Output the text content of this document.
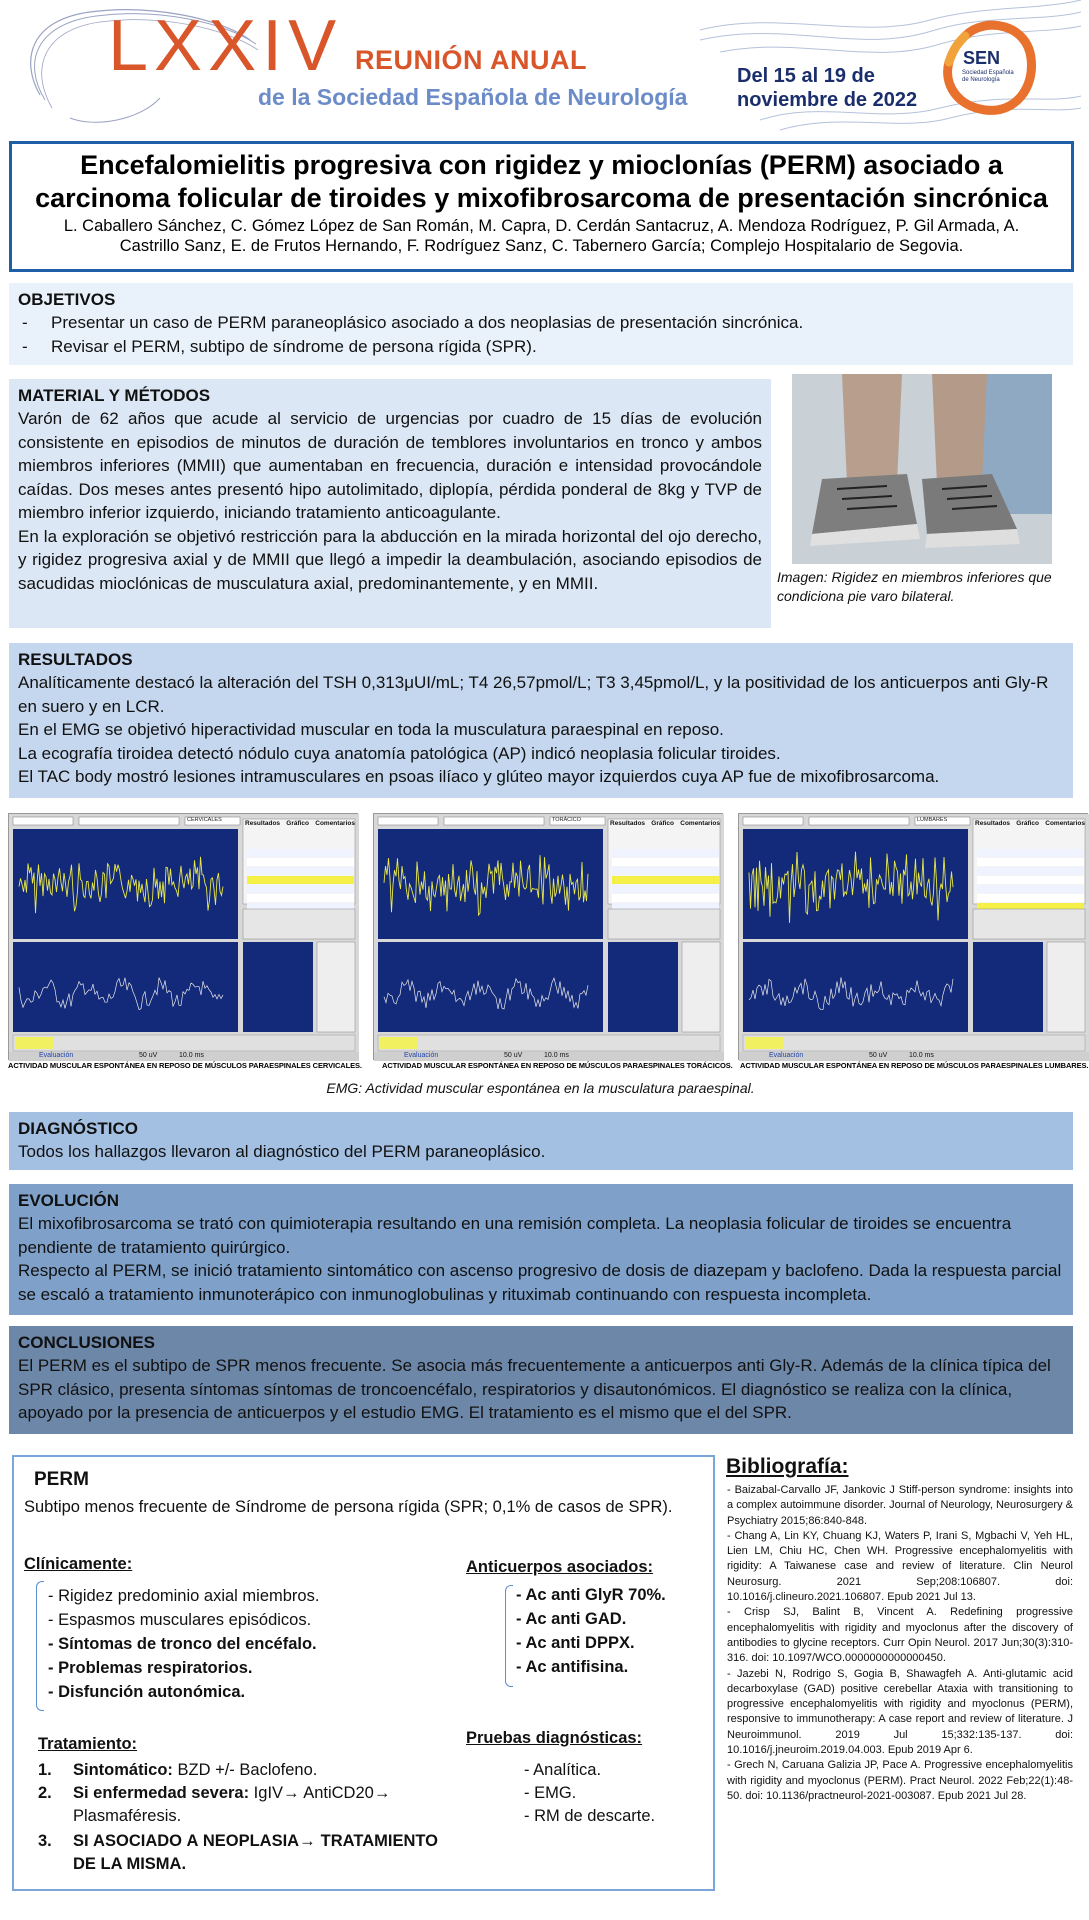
LXXIV REUNIÓN ANUAL
de la Sociedad Española de Neurología
Del 15 al 19 de
noviembre de 2022
SEN
Sociedad Española
de Neurología
Encefalomielitis progresiva con rigidez y mioclonías (PERM) asociado a
carcinoma folicular de tiroides y mixofibrosarcoma de presentación sincrónica
L. Caballero Sánchez, C. Gómez López de San Román, M. Capra, D. Cerdán Santacruz, A. Mendoza Rodríguez, P. Gil Armada, A.
Castrillo Sanz, E. de Frutos Hernando, F. Rodríguez Sanz, C. Tabernero García; Complejo Hospitalario de Segovia.
OBJETIVOS
- Presentar un caso de PERM paraneoplásico asociado a dos neoplasias de presentación sincrónica.
- Revisar el PERM, subtipo de síndrome de persona rígida (SPR).
MATERIAL Y MÉTODOS

Varón de 62 años que acude al servicio de urgencias por cuadro de 15 días de evolución consistente en episodios de minutos de duración de temblores involuntarios en tronco y ambos miembros inferiores (MMII) que aumentaban en frecuencia, duración e intensidad provocándole caídas. Dos meses antes presentó hipo autolimitado, diplopía, pérdida ponderal de 8kg y TVP de miembro inferior izquierdo, iniciando tratamiento anticoagulante.

En la exploración se objetivó restricción para la abducción en la mirada horizontal del ojo derecho, y rigidez progresiva axial y de MMII que llegó a impedir la deambulación, asociando episodios de sacudidas mioclónicas de musculatura axial, predominantemente, y en MMII.	Imagen: Rigidez en miembros inferiores que condiciona pie varo bilateral.
RESULTADOS

Analíticamente destacó la alteración del TSH 0,313μUI/mL; T4 26,57pmol/L; T3 3,45pmol/L, y la positividad de los anticuerpos anti Gly-R en suero y en LCR.

En el EMG se objetivó hiperactividad muscular en toda la musculatura paraespinal en reposo.

La ecografía tiroidea detectó nódulo cuya anatomía patológica (AP) indicó neoplasia folicular tiroides.

El TAC body mostró lesiones intramusculares en psoas ilíaco y glúteo mayor izquierdos cuya AP fue de mixofibrosarcoma.

Resultados Gráfico Comentarios
CERVICALES
Evaluación	50 uV	10.0 ms
Resultados Gráfico Comentarios
TORÁCICO
Evaluación	50 uV	10.0 ms
Resultados Gráfico Comentarios
LUMBARES
Evaluación	50 uV	10.0 ms
ACTIVIDAD MUSCULAR ESPONTÁNEA EN REPOSO DE MÚSCULOS PARAESPINALES CERVICALES.	ACTIVIDAD MUSCULAR ESPONTÁNEA EN REPOSO DE MÚSCULOS PARAESPINALES TORÁCICOS. ACTIVIDAD MUSCULAR ESPONTÁNEA EN REPOSO DE MÚSCULOS PARAESPINALES LUMBARES.
EMG: Actividad muscular espontánea en la musculatura paraespinal.
DIAGNÓSTICO

Todos los hallazgos llevaron al diagnóstico del PERM paraneoplásico.

EVOLUCIÓN

El mixofibrosarcoma se trató con quimioterapia resultando en una remisión completa. La neoplasia folicular de tiroides se encuentra pendiente de tratamiento quirúrgico.

Respecto al PERM, se inició tratamiento sintomático con ascenso progresivo de dosis de diazepam y baclofeno. Dada la respuesta parcial se escaló a tratamiento inmunoterápico con inmunoglobulinas y rituximab continuando con respuesta incompleta.

CONCLUSIONES

El PERM es el subtipo de SPR menos frecuente. Se asocia más frecuentemente a anticuerpos anti Gly-R. Además de la clínica típica del SPR clásico, presenta síntomas síntomas de troncoencéfalo, respiratorios y disautonómicos. El diagnóstico se realiza con la clínica, apoyado por la presencia de anticuerpos y el estudio EMG. El tratamiento es el mismo que el del SPR.

PERM
Subtipo menos frecuente de Síndrome de persona rígida (SPR; 0,1% de casos de SPR).
Clínicamente:
- Rigidez predominio axial miembros.
- Espasmos musculares episódicos.
- Síntomas de tronco del encéfalo.
- Problemas respiratorios.
- Disfunción autonómica.
Tratamiento:
1.	Sintomático: BZD +/- Baclofeno.
2.	Si enfermedad severa: IgIV→ AntiCD20→ Plasmaféresis.
3.	SI ASOCIADO A NEOPLASIA→ TRATAMIENTO DE LA MISMA.
Anticuerpos asociados:
- Ac anti GlyR 70%.
- Ac anti GAD.
- Ac anti DPPX.
- Ac antifisina.
Pruebas diagnósticas:
- Analítica.
- EMG.
- RM de descarte.
Bibliografía:
- Baizabal-Carvallo JF, Jankovic J Stiff-person syndrome: insights into a complex autoimmune disorder. Journal of Neurology, Neurosurgery & Psychiatry 2015;86:840-848.
- Chang A, Lin KY, Chuang KJ, Waters P, Irani S, Mgbachi V, Yeh HL, Lien LM, Chiu HC, Chen WH. Progressive encephalomyelitis with rigidity: A Taiwanese case and review of literature. Clin Neurol Neurosurg. 2021 Sep;208:106807. doi: 10.1016/j.clineuro.2021.106807. Epub 2021 Jul 13.
- Crisp SJ, Balint B, Vincent A. Redefining progressive encephalomyelitis with rigidity and myoclonus after the discovery of antibodies to glycine receptors. Curr Opin Neurol. 2017 Jun;30(3):310-316. doi: 10.1097/WCO.0000000000000450.
- Jazebi N, Rodrigo S, Gogia B, Shawagfeh A. Anti-glutamic acid decarboxylase (GAD) positive cerebellar Ataxia with transitioning to progressive encephalomyelitis with rigidity and myoclonus (PERM), responsive to immunotherapy: A case report and review of literature. J Neuroimmunol. 2019 Jul 15;332:135-137. doi: 10.1016/j.jneuroim.2019.04.003. Epub 2019 Apr 6.
- Grech N, Caruana Galizia JP, Pace A. Progressive encephalomyelitis with rigidity and myoclonus (PERM). Pract Neurol. 2022 Feb;22(1):48-50. doi: 10.1136/practneurol-2021-003087. Epub 2021 Jul 28.
